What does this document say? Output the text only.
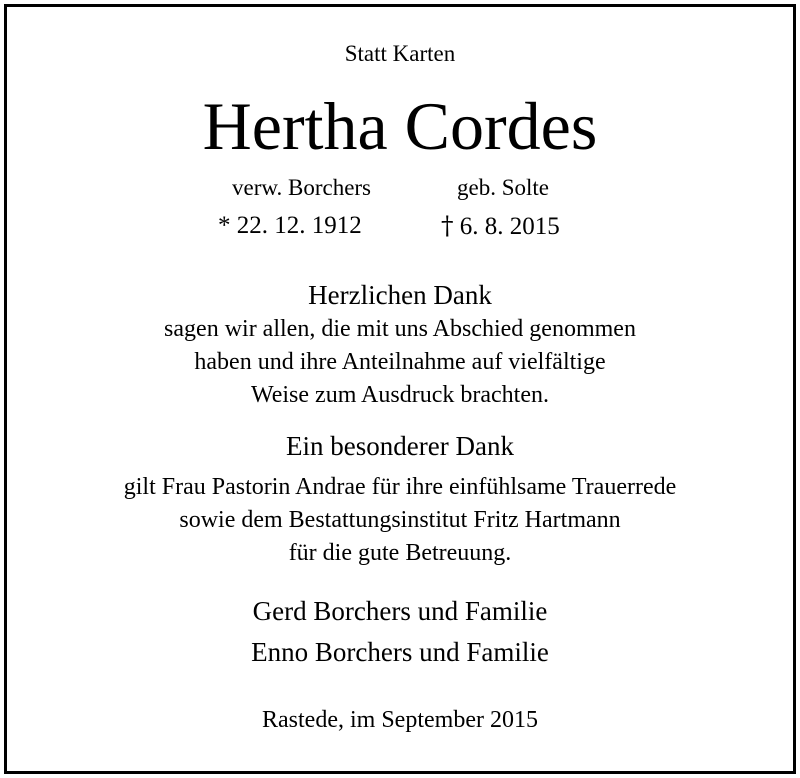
Statt Karten
Hertha Cordes
verw. Borchers	geb. Solte
* 22. 12. 1912	† 6. 8. 2015
Herzlichen Dank
sagen wir allen, die mit uns Abschied genommen
haben und ihre Anteilnahme auf vielfältige
Weise zum Ausdruck brachten.
Ein besonderer Dank
gilt Frau Pastorin Andrae für ihre einfühlsame Trauerrede
sowie dem Bestattungsinstitut Fritz Hartmann
für die gute Betreuung.
Gerd Borchers und Familie
Enno Borchers und Familie
Rastede, im September 2015
